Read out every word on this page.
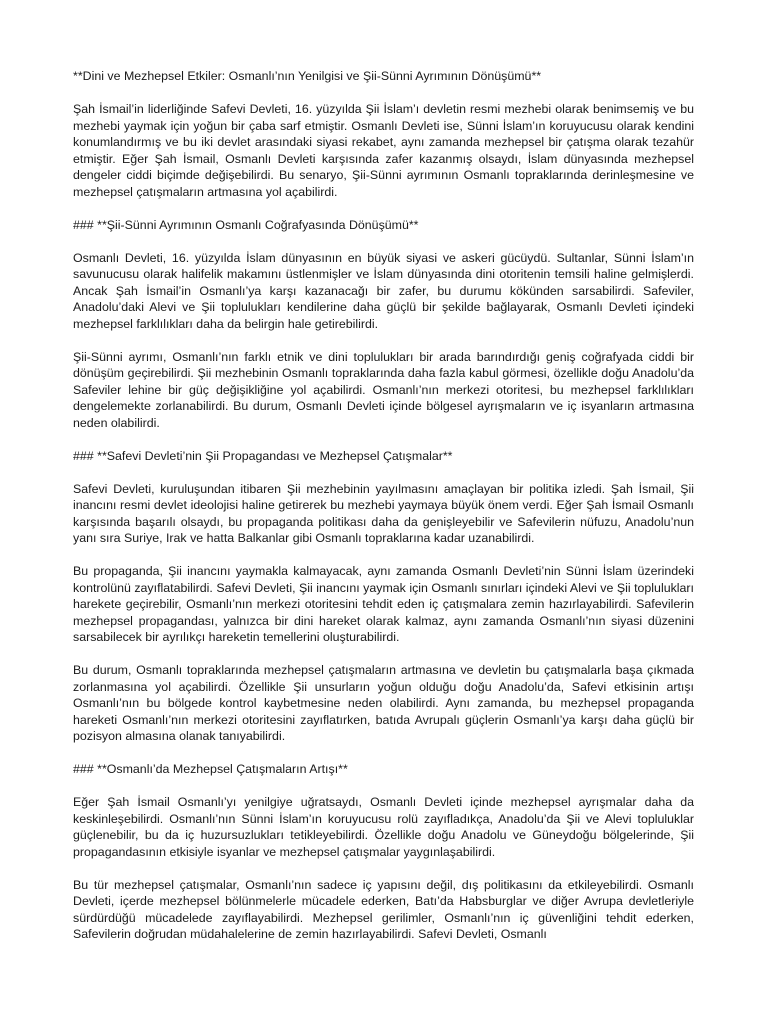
**Dini ve Mezhepsel Etkiler: Osmanlı’nın Yenilgisi ve Şii-Sünni Ayrımının Dönüşümü**

Şah İsmail’in liderliğinde Safevi Devleti, 16. yüzyılda Şii İslam’ı devletin resmi mezhebi olarak benimsemiş ve bu mezhebi yaymak için yoğun bir çaba sarf etmiştir. Osmanlı Devleti ise, Sünni İslam’ın koruyucusu olarak kendini konumlandırmış ve bu iki devlet arasındaki siyasi rekabet, aynı zamanda mezhepsel bir çatışma olarak tezahür etmiştir. Eğer Şah İsmail, Osmanlı Devleti karşısında zafer kazanmış olsaydı, İslam dünyasında mezhepsel dengeler ciddi biçimde değişebilirdi. Bu senaryo, Şii-Sünni ayrımının Osmanlı topraklarında derinleşmesine ve mezhepsel çatışmaların artmasına yol açabilirdi.

### **Şii-Sünni Ayrımının Osmanlı Coğrafyasında Dönüşümü**

Osmanlı Devleti, 16. yüzyılda İslam dünyasının en büyük siyasi ve askeri gücüydü. Sultanlar, Sünni İslam’ın savunucusu olarak halifelik makamını üstlenmişler ve İslam dünyasında dini otoritenin temsili haline gelmişlerdi. Ancak Şah İsmail’in Osmanlı’ya karşı kazanacağı bir zafer, bu durumu kökünden sarsabilirdi. Safeviler, Anadolu’daki Alevi ve Şii toplulukları kendilerine daha güçlü bir şekilde bağlayarak, Osmanlı Devleti içindeki mezhepsel farklılıkları daha da belirgin hale getirebilirdi.

Şii-Sünni ayrımı, Osmanlı’nın farklı etnik ve dini toplulukları bir arada barındırdığı geniş coğrafyada ciddi bir dönüşüm geçirebilirdi. Şii mezhebinin Osmanlı topraklarında daha fazla kabul görmesi, özellikle doğu Anadolu’da Safeviler lehine bir güç değişikliğine yol açabilirdi. Osmanlı’nın merkezi otoritesi, bu mezhepsel farklılıkları dengelemekte zorlanabilirdi. Bu durum, Osmanlı Devleti içinde bölgesel ayrışmaların ve iç isyanların artmasına neden olabilirdi.

### **Safevi Devleti’nin Şii Propagandası ve Mezhepsel Çatışmalar**

Safevi Devleti, kuruluşundan itibaren Şii mezhebinin yayılmasını amaçlayan bir politika izledi. Şah İsmail, Şii inancını resmi devlet ideolojisi haline getirerek bu mezhebi yaymaya büyük önem verdi. Eğer Şah İsmail Osmanlı karşısında başarılı olsaydı, bu propaganda politikası daha da genişleyebilir ve Safevilerin nüfuzu, Anadolu’nun yanı sıra Suriye, Irak ve hatta Balkanlar gibi Osmanlı topraklarına kadar uzanabilirdi.

Bu propaganda, Şii inancını yaymakla kalmayacak, aynı zamanda Osmanlı Devleti’nin Sünni İslam üzerindeki kontrolünü zayıflatabilirdi. Safevi Devleti, Şii inancını yaymak için Osmanlı sınırları içindeki Alevi ve Şii toplulukları harekete geçirebilir, Osmanlı’nın merkezi otoritesini tehdit eden iç çatışmalara zemin hazırlayabilirdi. Safevilerin mezhepsel propagandası, yalnızca bir dini hareket olarak kalmaz, aynı zamanda Osmanlı’nın siyasi düzenini sarsabilecek bir ayrılıkçı hareketin temellerini oluşturabilirdi.

Bu durum, Osmanlı topraklarında mezhepsel çatışmaların artmasına ve devletin bu çatışmalarla başa çıkmada zorlanmasına yol açabilirdi. Özellikle Şii unsurların yoğun olduğu doğu Anadolu’da, Safevi etkisinin artışı Osmanlı’nın bu bölgede kontrol kaybetmesine neden olabilirdi. Aynı zamanda, bu mezhepsel propaganda hareketi Osmanlı’nın merkezi otoritesini zayıflatırken, batıda Avrupalı güçlerin Osmanlı’ya karşı daha güçlü bir pozisyon almasına olanak tanıyabilirdi.

### **Osmanlı’da Mezhepsel Çatışmaların Artışı**

Eğer Şah İsmail Osmanlı’yı yenilgiye uğratsaydı, Osmanlı Devleti içinde mezhepsel ayrışmalar daha da keskinleşebilirdi. Osmanlı’nın Sünni İslam’ın koruyucusu rolü zayıfladıkça, Anadolu’da Şii ve Alevi topluluklar güçlenebilir, bu da iç huzursuzlukları tetikleyebilirdi. Özellikle doğu Anadolu ve Güneydoğu bölgelerinde, Şii propagandasının etkisiyle isyanlar ve mezhepsel çatışmalar yaygınlaşabilirdi.

Bu tür mezhepsel çatışmalar, Osmanlı’nın sadece iç yapısını değil, dış politikasını da etkileyebilirdi. Osmanlı Devleti, içerde mezhepsel bölünmelerle mücadele ederken, Batı’da Habsburglar ve diğer Avrupa devletleriyle sürdürdüğü mücadelede zayıflayabilirdi. Mezhepsel gerilimler, Osmanlı’nın iç güvenliğini tehdit ederken, Safevilerin doğrudan müdahalelerine de zemin hazırlayabilirdi. Safevi Devleti, Osmanlı
